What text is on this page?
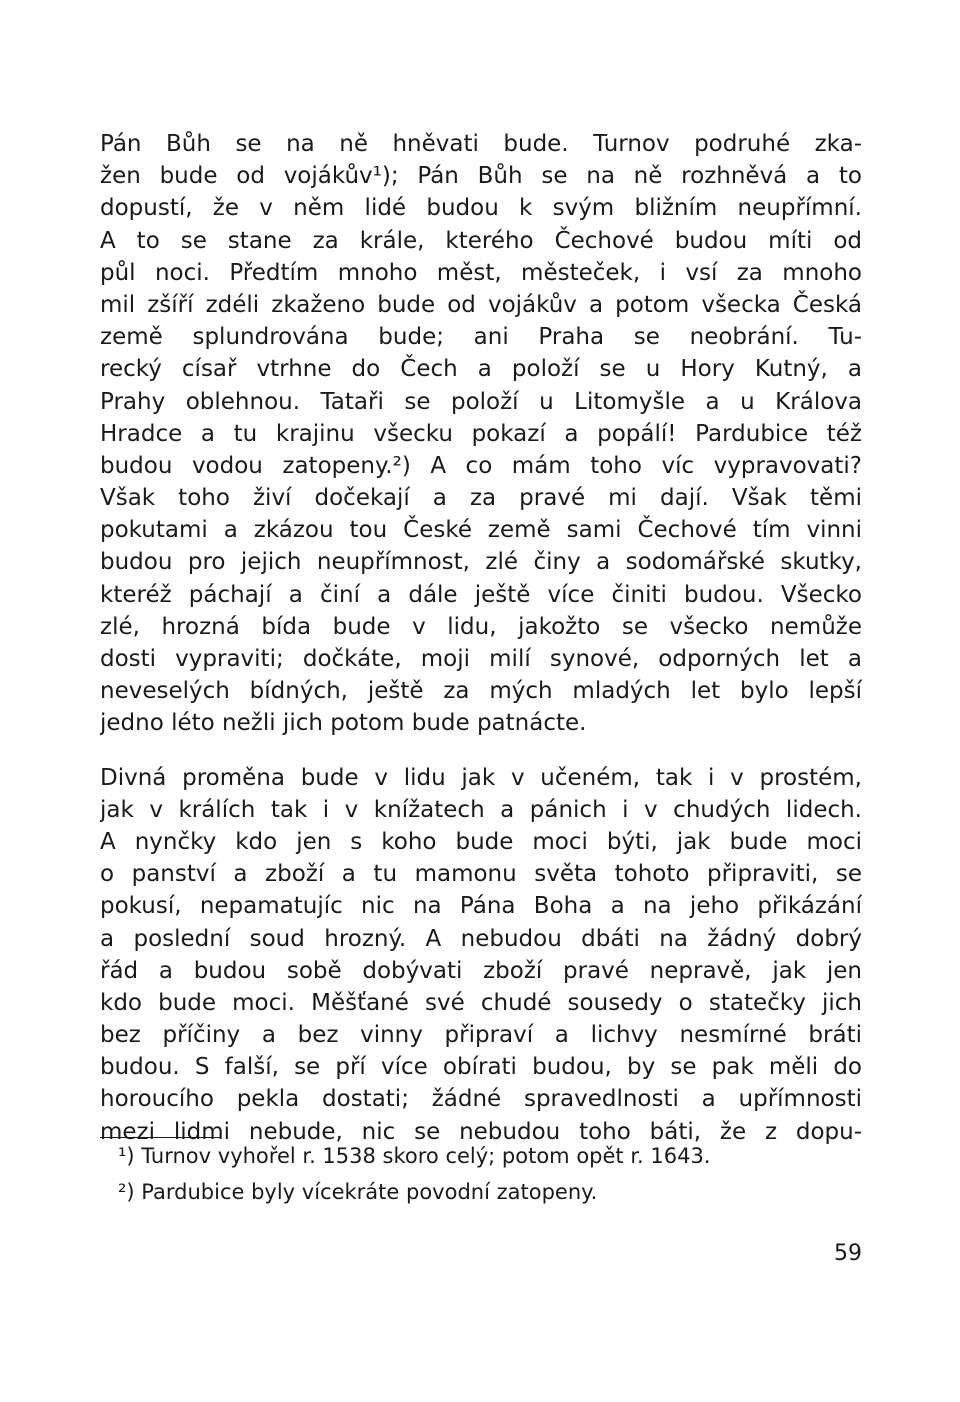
Pán Bůh se na ně hněvati bude. Turnov podruhé zka-
žen bude od vojákův¹); Pán Bůh se na ně rozhněvá a to
dopustí, že v něm lidé budou k svým bližním neupřímní.
A to se stane za krále, kterého Čechové budou míti od
půl noci. Předtím mnoho měst, městeček, i vsí za mnoho
mil zšíří zdéli zkaženo bude od vojákův a potom všecka Česká
země splundrována bude; ani Praha se neobrání. Tu-
recký císař vtrhne do Čech a položí se u Hory Kutný, a
Prahy oblehnou. Tataři se položí u Litomyšle a u Králova
Hradce a tu krajinu všecku pokazí a popálí! Pardubice též
budou vodou zatopeny.²) A co mám toho víc vypravovati?
Však toho živí dočekají a za pravé mi dají. Však těmi
pokutami a zkázou tou České země sami Čechové tím vinni
budou pro jejich neupřímnost, zlé činy a sodomářské skutky,
kteréž páchají a činí a dále ještě více činiti budou. Všecko
zlé, hrozná bída bude v lidu, jakožto se všecko nemůže
dosti vypraviti; dočkáte, moji milí synové, odporných let a
neveselých bídných, ještě za mých mladých let bylo lepší
jedno léto nežli jich potom bude patnácte.
Divná proměna bude v lidu jak v učeném, tak i v prostém,
jak v králích tak i v knížatech a pánich i v chudých lidech.
A nynčky kdo jen s koho bude moci býti, jak bude moci
o panství a zboží a tu mamonu světa tohoto připraviti, se
pokusí, nepamatujíc nic na Pána Boha a na jeho přikázání
a poslední soud hrozný. A nebudou dbáti na žádný dobrý
řád a budou sobě dobývati zboží pravé nepravě, jak jen
kdo bude moci. Měšťané své chudé sousedy o statečky jich
bez příčiny a bez vinny připraví a lichvy nesmírné bráti
budou. S falší, se pří více obírati budou, by se pak měli do
horoucího pekla dostati; žádné spravedlnosti a upřímnosti
mezi lidmi nebude, nic se nebudou toho báti, že z dopu-
¹) Turnov vyhořel r. 1538 skoro celý; potom opět r. 1643.
²) Pardubice byly vícekráte povodní zatopeny.
59
